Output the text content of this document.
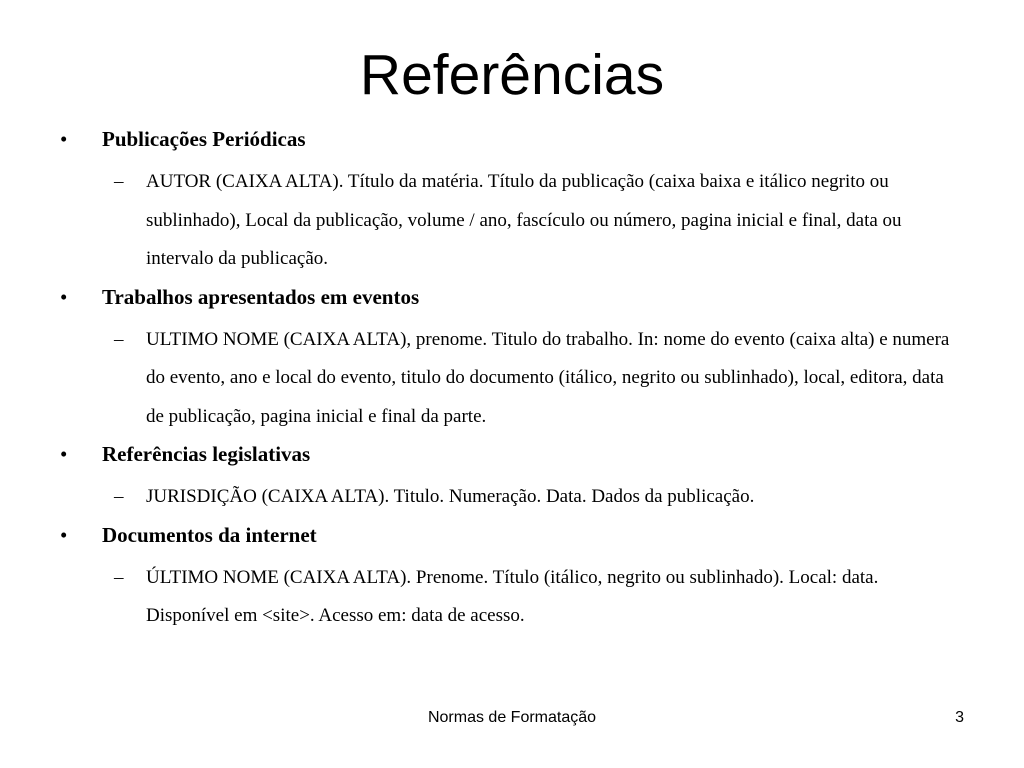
Referências
•	Publicações Periódicas
–	AUTOR (CAIXA ALTA). Título da matéria. Título da publicação (caixa baixa e itálico negrito ou sublinhado), Local da publicação, volume / ano, fascículo ou número, pagina inicial e final, data ou intervalo da publicação.
•	Trabalhos apresentados em eventos
–	ULTIMO NOME (CAIXA ALTA), prenome. Titulo do trabalho. In: nome do evento (caixa alta) e numera do evento, ano e local do evento, titulo do documento (itálico, negrito ou sublinhado), local, editora, data de publicação, pagina inicial e final da parte.
•	Referências legislativas
–	JURISDIÇÃO (CAIXA ALTA). Titulo. Numeração. Data. Dados da publicação.
•	Documentos da internet
–	ÚLTIMO NOME (CAIXA ALTA). Prenome. Título (itálico, negrito ou sublinhado). Local: data. Disponível em <site>. Acesso em: data de acesso.
Normas de Formatação	3
